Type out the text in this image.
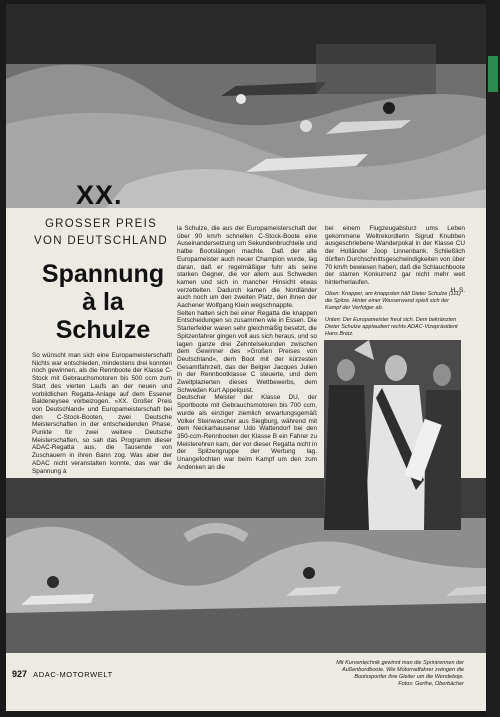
XX.
GROSSER PREIS VON DEUTSCHLAND
Spannung
à la
Schulze

So wünscht man sich eine Europameisterschaft! Nichts war entschieden, mindestens drei konnten noch gewinnen, als die Rennboote der Klasse C-Stock mit Gebrauchsmotoren bis 500 ccm zum Start des vierten Laufs an der neuen und vorbildlichen Regatta-Anlage auf dem Essener Baldeneysee vorbeizogen. »XX. Großer Preis von Deutschland« und Europameisterschaft bei den C-Stock-Booten, zwei Deutsche Meisterschaften in der entscheidenden Phase, Punkte für zwei weitere Deutsche Meisterschaften, so sah das Programm dieser ADAC-Regatta aus, die Tausende von Zuschauern in ihren Bann zog. Was aber der ADAC nicht veranstalten konnte, das war die Spannung à

la Schulze, die aus der Europameisterschaft der über 90 km/h schnellen C-Stock-Boote eine Auseinandersetzung um Sekundenbruchteile und halbe Bootslängen machte. Daß der alte Europameister auch neuer Champion wurde, lag daran, daß er regelmäßiger fuhr als seine starken Gegner, die vor allem aus Schweden kamen und sich in mancher Hinsicht etwas verzettelten. Dadurch kamen die Nordländer auch noch um den zweiten Platz, den ihnen der Aachener Wolfgang Klein wegschnappte.

Selten halten sich bei einer Regatta die knappen Entscheidungen so zusammen wie in Essen. Die Starterfelder waren sehr gleichmäßig besetzt, die Spitzenfahrer gingen voll aus sich heraus, und so lagen ganze drei Zehntelsekunden zwischen dem Gewinner des »Großen Preises von Deutschland«, dem Boot mit der kürzesten Gesamtfahrzeit, das der Belgier Jacques Julien in der Rennbootklasse C steuerte, und dem Zweitplazierten dieses Wettbewerbs, dem Schweden Kurt Appelquist.

Deutscher Meister der Klasse DU, der Sportboote mit Gebrauchsmotoren bis 700 ccm, wurde als einziger ziemlich erwartungsgemäß Volker Steinwascher aus Siegburg, während mit dem Neckarhausener Udo Wattendorf bei den 350-ccm-Rennbooten der Klasse B ein Fahrer zu Meisterehren kam, der vor dieser Regatta nicht in der Spitzengruppe der Wertung lag. Unangefochten war beim Kampf um den zum Andenken an die

bei einem Flugzeugabsturz ums Leben gekommene Weltrekordlerin Sigrud Knubben ausgeschriebene Wanderpokal in der Klasse CU der Holländer Joop Linnenbank. Schließlich dürften Durchschnittsgeschwindigkeiten von über 70 km/h bewiesen haben, daß die Schlauchboote der starren Konkurrenz gar nicht mehr weit hinterherlaufen.

H. S.

Oben: Knapper, am knappsten hält Dieter Schulze (111) die Spitze. Hinter einer Wasserwand spielt sich der Kampf der Verfolger ab.
Unten: Der Europameister freut sich. Dem bekränzten Dieter Schulze applaudiert rechts ADAC-Vizepräsident Hans Bretz.
Mit Kurventechnik gewinnt man die Sprintrennen der Außenbordboote. Wie Motorradfahrer zwingen die Bootssportler ihre Gleiter um die Wendebojе.
Fotos: Gerthe, Oberbächer
927 ADAC-MOTORWELT
